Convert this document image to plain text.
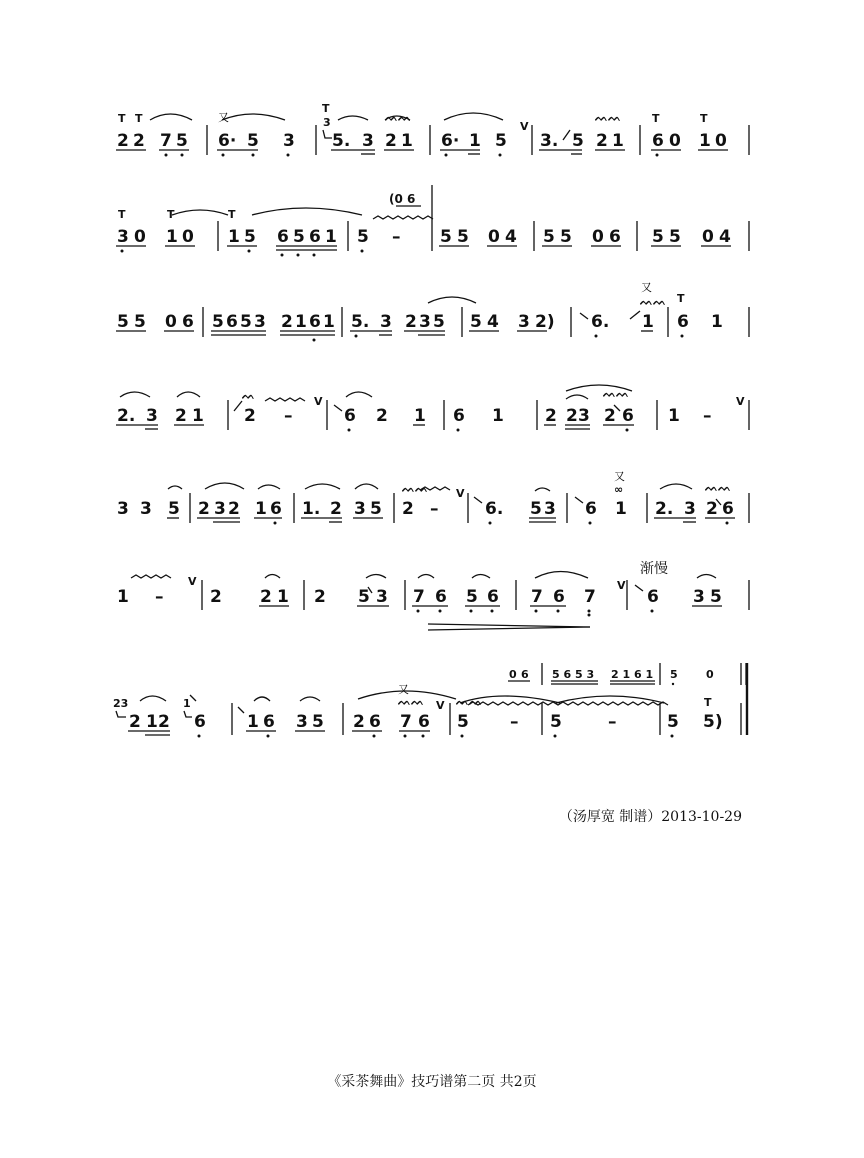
T T
2 2 7 5
又
6· 5 3
T
3
5. 3
ᨓᨓ
2 1 6· 1 5
V
3. 5
ᨓᨓ
2 1
T	T
6 0 1 0
T	T	T
3 0 1 0 1 5 6 5 6 1 5 –
(0 6
5 5 0 4 5 5 0 6 5 5 0 4
5 5 0 6 5 6 5 3 2 1 6 1 5. 3 2 3 5 5 4 3 2) 6.
又
ᨓᨓ
1
T
6 1
2. 3 2 1
ᨓ
2 –
V
6 2 1 6 1
ᨓᨓ
2 2 3 2 6 1 –
V
3 3 5 2 3 2 1 6 1. 2 3 5
ᨓᨓ
2 –
V
6. 5 3 6
又
∞
1
ᨓᨓ
2. 3 2 6
1 –
V
2 2 1 2 5 3 7 6 5 6 7 6 7
V
渐慢
6 3 5
0 6 5 6 5 3 2 1 6 1 5	0
23
2 1 2
1
6 1 6 3 5
又
ᨓᨓ
2 6 7 6
V ᨓᨓ
5 – 5	–	5
T
5)
（汤厚宽 制谱）2013-10-29
《采茶舞曲》技巧谱第二页 共2页
